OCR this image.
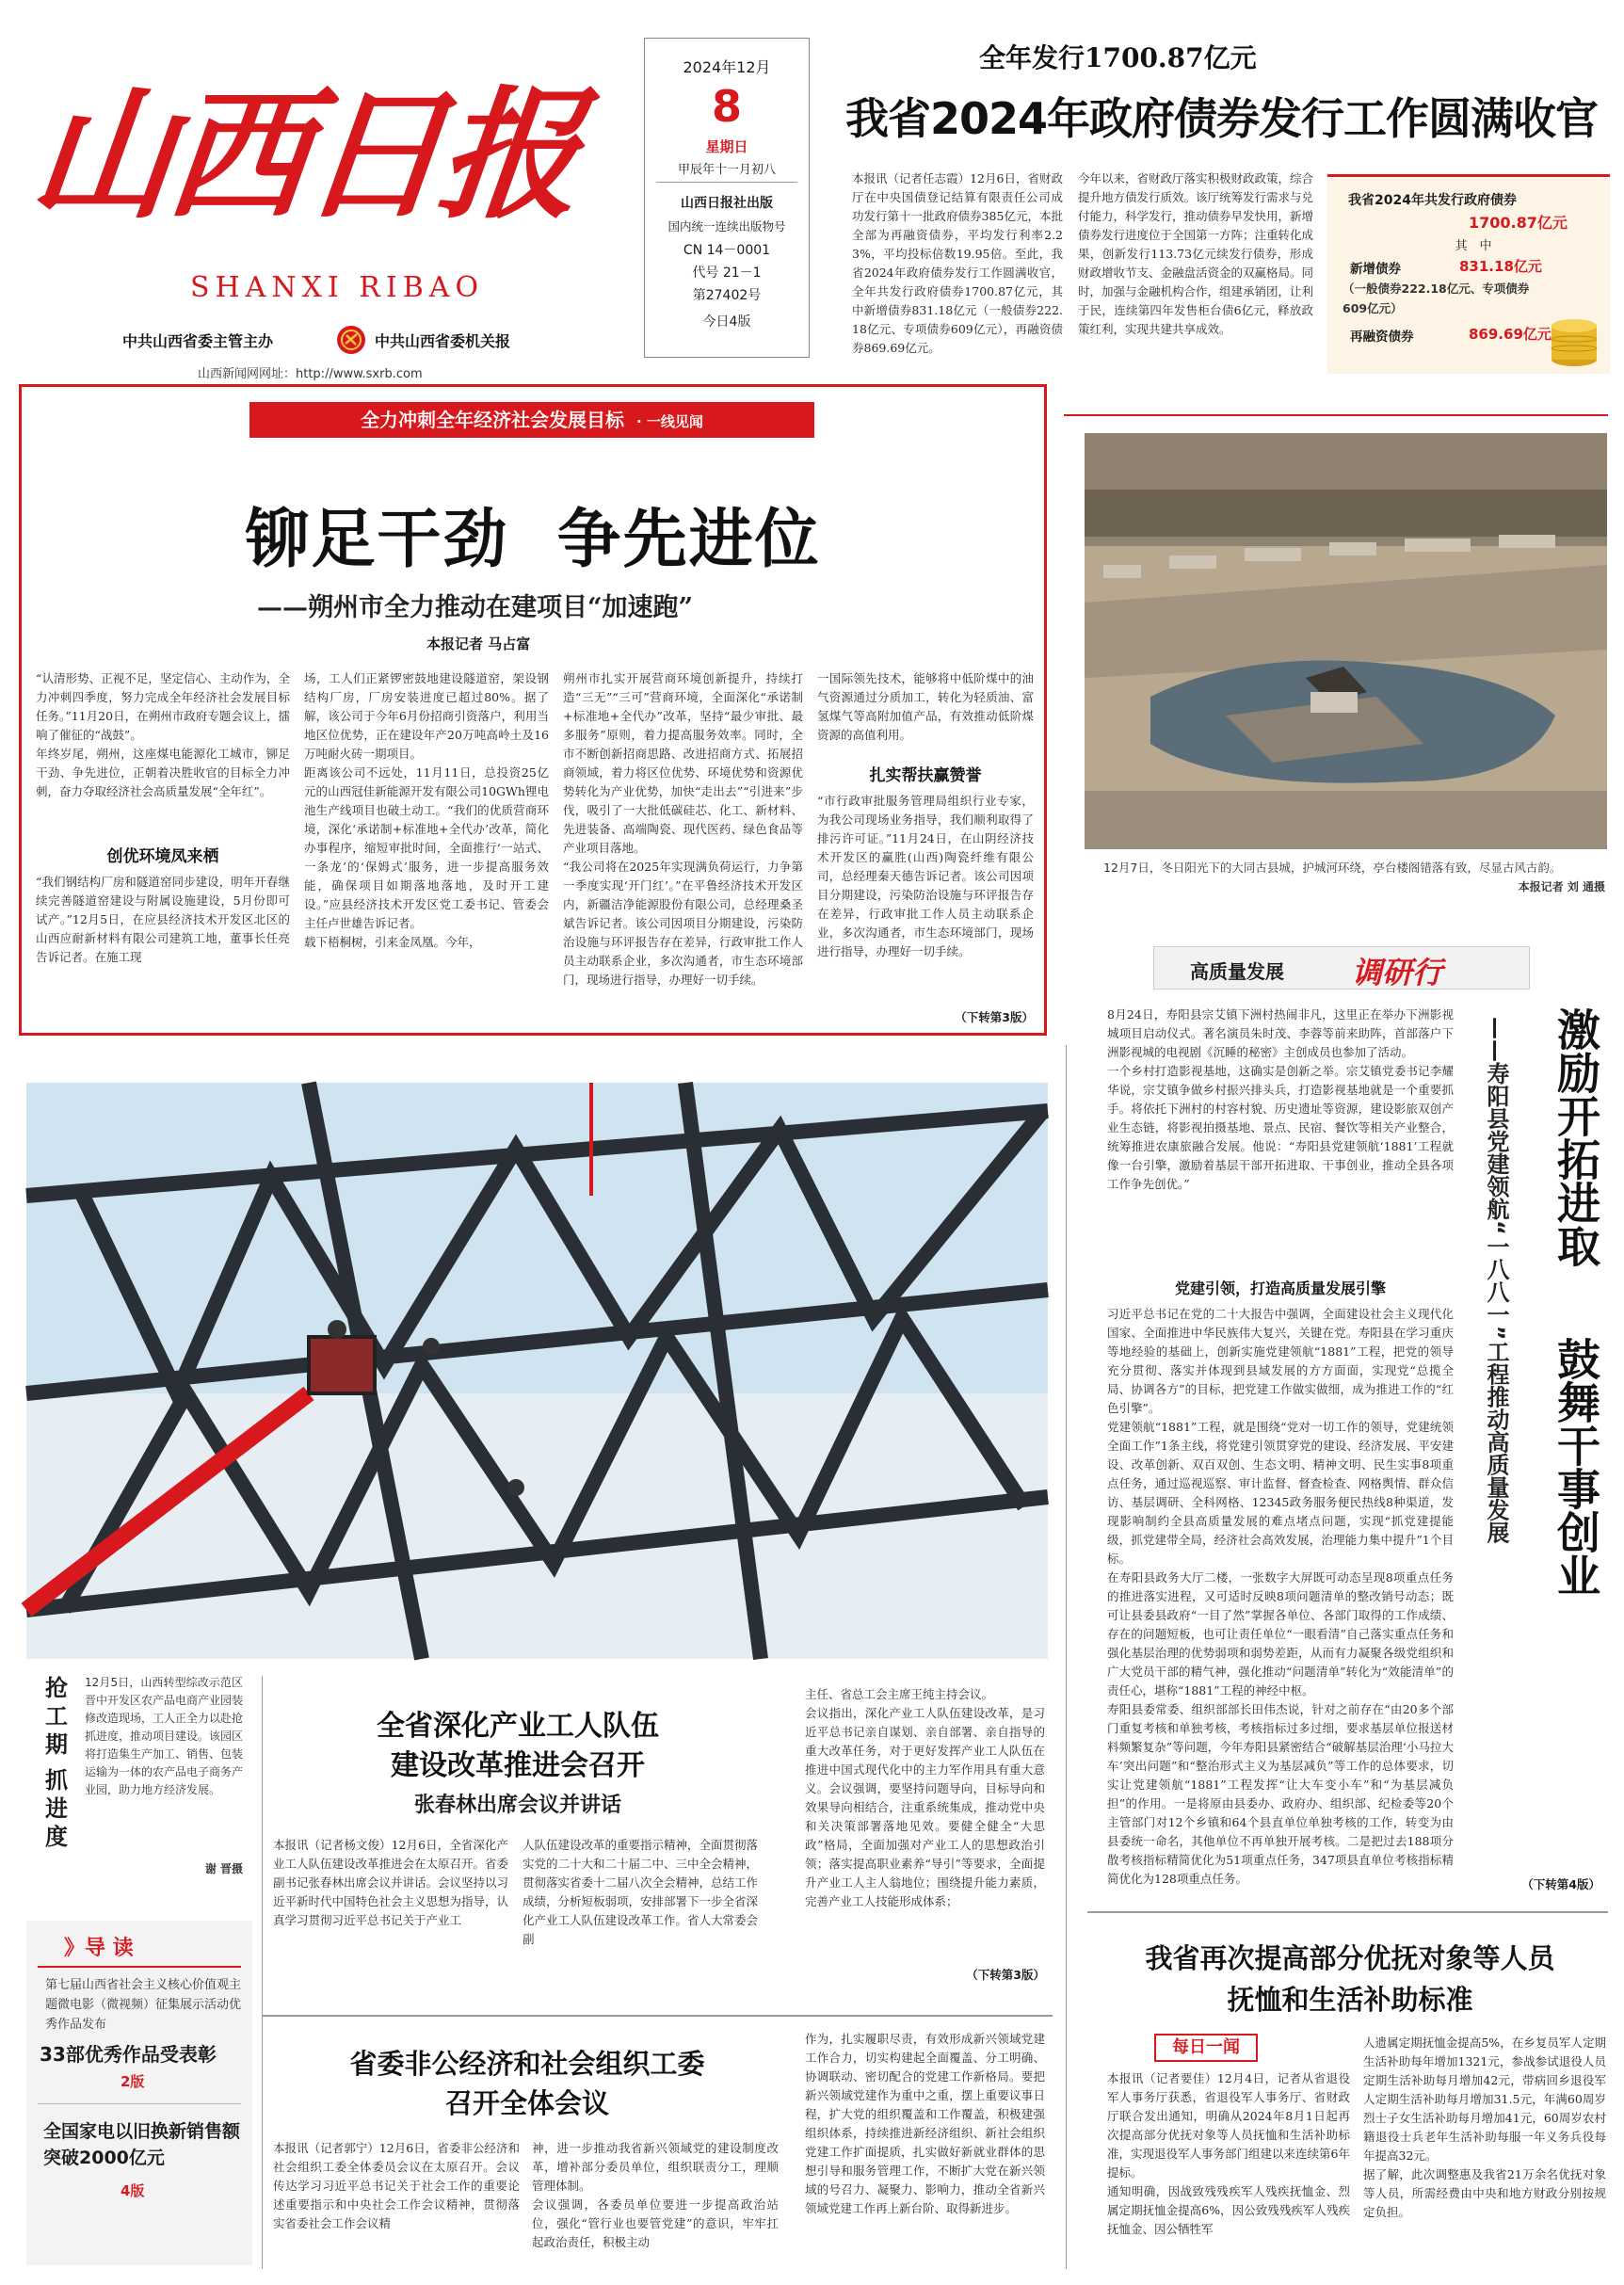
山西日报
SHANXI RIBAO
中共山西省委主管主办	中共山西省委机关报
山西新闻网网址：http://www.sxrb.com
2024年12月
8
星期日
甲辰年十一月初八
山西日报社出版
国内统一连续出版物号
CN 14－0001
代号 21－1
第27402号
今日4版
全年发行1700.87亿元
我省2024年政府债券发行工作圆满收官
本报讯（记者任志霞）12月6日，省财政厅在中央国债登记结算有限责任公司成功发行第十一批政府债券385亿元，本批全部为再融资债券，平均发行利率2.23%，平均投标倍数19.95倍。至此，我省2024年政府债券发行工作圆满收官，全年共发行政府债券1700.87亿元，其中新增债券831.18亿元（一般债券222.18亿元、专项债券609亿元），再融资债券869.69亿元。
今年以来，省财政厅落实积极财政政策，综合提升地方债发行质效。该厅统筹发行需求与兑付能力，科学发行，推动债券早发快用，新增债券发行进度位于全国第一方阵；注重转化成果，创新发行113.73亿元续发行债券，形成财政增收节支、金融盘活资金的双赢格局。同时，加强与金融机构合作，组建承销团，让利于民，连续第四年发售柜台债6亿元，释放政策红利，实现共建共享成效。
我省2024年共发行政府债券
1700.87亿元
其　中
新增债券	831.18亿元
（一般债券222.18亿元、专项债券609亿元）
再融资债券	869.69亿元
全力冲刺全年经济社会发展目标 · 一线见闻
铆足干劲  争先进位
——朔州市全力推动在建项目“加速跑”
本报记者 马占富
“认清形势、正视不足，坚定信心、主动作为，全力冲刺四季度，努力完成全年经济社会发展目标任务。”11月20日，在朔州市政府专题会议上，擂响了催征的“战鼓”。
年终岁尾，朔州，这座煤电能源化工城市，铆足干劲、争先进位，正朝着决胜收官的目标全力冲刺，奋力夺取经济社会高质量发展“全年红”。
创优环境凤来栖
“我们钢结构厂房和隧道窑同步建设，明年开春继续完善隧道窑建设与附属设施建设，5月份即可试产。”12月5日，在应县经济技术开发区北区的山西应耐新材料有限公司建筑工地，董事长任亮告诉记者。在施工现
场，工人们正紧锣密鼓地建设隧道窑，架设钢结构厂房，厂房安装进度已超过80%。据了解，该公司于今年6月份招商引资落户，利用当地区位优势，正在建设年产20万吨高岭土及16万吨耐火砖一期项目。
距离该公司不远处，11月11日，总投资25亿元的山西冠佳新能源开发有限公司10GWh锂电池生产线项目也破土动工。“我们的优质营商环境，深化‘承诺制+标准地+全代办’改革，简化办事程序，缩短审批时间，全面推行‘一站式、一条龙’的‘保姆式’服务，进一步提高服务效能，确保项目如期落地落地，及时开工建设。”应县经济技术开发区党工委书记、管委会主任卢世雄告诉记者。
载下梧桐树，引来金凤凰。今年，
朔州市扎实开展营商环境创新提升，持续打造“三无”“三可”营商环境，全面深化“承诺制+标准地+全代办”改革，坚持“最少审批、最多服务”原则，着力提高服务效率。同时，全市不断创新招商思路、改进招商方式、拓展招商领域，着力将区位优势、环境优势和资源优势转化为产业优势，加快“走出去”“引进来”步伐，吸引了一大批低碳硅芯、化工、新材料、先进装备、高端陶瓷、现代医药、绿色食品等产业项目落地。
“我公司将在2025年实现满负荷运行，力争第一季度实现‘开门红’。”在平鲁经济技术开发区内，新疆洁净能源股份有限公司，总经理桑圣斌告诉记者。该公司因项目分期建设，污染防治设施与环评报告存在差异，行政审批工作人员主动联系企业，多次沟通者，市生态环境部门，现场进行指导，办理好一切手续。
一国际领先技术，能够将中低阶煤中的油气资源通过分质加工，转化为轻质油、富氢煤气等高附加值产品，有效推动低阶煤资源的高值利用。
扎实帮扶赢赞誉
“市行政审批服务管理局组织行业专家，为我公司现场业务指导，我们顺利取得了排污许可证。”11月24日，在山阴经济技术开发区的赢胜(山西)陶瓷纤维有限公司，总经理秦天德告诉记者。该公司因项目分期建设，污染防治设施与环评报告存在差异，行政审批工作人员主动联系企业，多次沟通者，市生态环境部门，现场进行指导，办理好一切手续。
（下转第3版）
12月7日，冬日阳光下的大同古县城，护城河环绕，亭台楼阁错落有致，尽显古风古韵。
本报记者 刘 通摄
高质量发展	调研行
8月24日，寿阳县宗艾镇下洲村热闹非凡，这里正在举办下洲影视城项目启动仪式。著名演员朱时茂、李蓉等前来助阵，首部落户下洲影视城的电视剧《沉睡的秘密》主创成员也参加了活动。
一个乡村打造影视基地，这确实是创新之举。宗艾镇党委书记李耀华说，宗艾镇争做乡村振兴排头兵，打造影视基地就是一个重要抓手。将依托下洲村的村容村貌、历史遗址等资源，建设影旅双创产业生态链，将影视拍摄基地、景点、民宿、餐饮等相关产业整合，统筹推进农康旅融合发展。他说：“寿阳县党建领航‘1881’工程就像一台引擎，激励着基层干部开拓进取、干事创业，推动全县各项工作争先创优。”
党建引领，打造高质量发展引擎
习近平总书记在党的二十大报告中强调，全面建设社会主义现代化国家、全面推进中华民族伟大复兴，关键在党。寿阳县在学习重庆等地经验的基础上，创新实施党建领航“1881”工程，把党的领导充分贯彻、落实并体现到县域发展的方方面面，实现党“总揽全局、协调各方”的目标，把党建工作做实做细，成为推进工作的“红色引擎”。
党建领航“1881”工程，就是围绕“党对一切工作的领导，党建统领全面工作”1条主线，将党建引领贯穿党的建设、经济发展、平安建设、改革创新、双百双创、生态文明、精神文明、民生实事8项重点任务，通过巡视巡察、审计监督、督查检查、网格舆情、群众信访、基层调研、全科网格、12345政务服务便民热线8种渠道，发现影响制约全县高质量发展的难点堵点问题，实现“抓党建提能级，抓党建带全局，经济社会高效发展，治理能力集中提升”1个目标。
在寿阳县政务大厅二楼，一张数字大屏既可动态呈现8项重点任务的推进落实进程，又可适时反映8项问题清单的整改销号动态；既可让县委县政府“一目了然”掌握各单位、各部门取得的工作成绩、存在的问题短板，也可让责任单位“一眼看清”自己落实重点任务和强化基层治理的优势弱项和弱势差距，从而有力凝聚各级党组织和广大党员干部的精气神，强化推动“问题清单”转化为“效能清单”的责任心，堪称“1881”工程的神经中枢。
寿阳县委常委、组织部部长田伟杰说，针对之前存在“由20多个部门重复考核和单独考核，考核指标过多过细，要求基层单位报送材料频繁复杂”等问题，今年寿阳县紧密结合“破解基层治理‘小马拉大车’突出问题”和“整治形式主义为基层减负”等工作的总体要求，切实让党建领航“1881”工程发挥“让大车变小车”和“为基层减负担”的作用。一是将原由县委办、政府办、组织部、纪检委等20个主管部门对12个乡镇和64个县直单位单独考核的工作，转变为由县委统一命名，其他单位不再单独开展考核。二是把过去188项分散考核指标精简优化为51项重点任务，347项县直单位考核指标精简优化为128项重点任务。
激励开拓进取
鼓舞干事创业
——寿阳县党建领航“一八八一”工程推动高质量发展
（下转第4版）
抢
工
期
抓
进
度
12月5日，山西转型综改示范区晋中开发区农产品电商产业园装修改造现场，工人正全力以赴抢抓进度，推动项目建设。该园区将打造集生产加工、销售、包装运输为一体的农产品电子商务产业园，助力地方经济发展。
谢 晋摄
》导 读
第七届山西省社会主义核心价值观主题微电影（微视频）征集展示活动优秀作品发布
33部优秀作品受表彰
2版
全国家电以旧换新销售额突破2000亿元
4版
全省深化产业工人队伍
建设改革推进会召开
张春林出席会议并讲话
本报讯（记者杨文俊）12月6日，全省深化产业工人队伍建设改革推进会在太原召开。省委副书记张春林出席会议并讲话。会议坚持以习近平新时代中国特色社会主义思想为指导，认真学习贯彻习近平总书记关于产业工
人队伍建设改革的重要指示精神，全面贯彻落实党的二十大和二十届二中、三中全会精神，贯彻落实省委十二届八次全会精神，总结工作成绩，分析短板弱项，安排部署下一步全省深化产业工人队伍建设改革工作。省人大常委会副
主任、省总工会主席王纯主持会议。
会议指出，深化产业工人队伍建设改革，是习近平总书记亲自谋划、亲自部署、亲自指导的重大改革任务，对于更好发挥产业工人队伍在推进中国式现代化中的主力军作用具有重大意义。会议强调，要坚持问题导向，目标导向和效果导向相结合，注重系统集成，推动党中央和关决策部署落地见效。要健全健全“大思政”格局，全面加强对产业工人的思想政治引领；落实提高职业素养“导引”等要求，全面提升产业工人主人翁地位；围绕提升能力素质，完善产业工人技能形成体系；
（下转第3版）
省委非公经济和社会组织工委
召开全体会议
本报讯（记者郭宁）12月6日，省委非公经济和社会组织工委全体委员会议在太原召开。会议传达学习习近平总书记关于社会工作的重要论述重要指示和中央社会工作会议精神，贯彻落实省委社会工作会议精
神，进一步推动我省新兴领域党的建设制度改革，增补部分委员单位，组织联责分工，理顺管理体制。
会议强调，各委员单位要进一步提高政治站位，强化“管行业也要管党建”的意识，牢牢扛起政治责任，积极主动
作为，扎实履职尽责，有效形成新兴领域党建工作合力，切实构建起全面覆盖、分工明确、协调联动、密切配合的党建工作新格局。要把新兴领域党建作为重中之重，摆上重要议事日程，扩大党的组织覆盖和工作覆盖，积极建强组织体系，持续推进新经济组织、新社会组织党建工作扩面提质，扎实做好新就业群体的思想引导和服务管理工作，不断扩大党在新兴领域的号召力、凝聚力、影响力，推动全省新兴领域党建工作再上新台阶、取得新进步。
我省再次提高部分优抚对象等人员
抚恤和生活补助标准
每日一闻
本报讯（记者要佳）12月4日，记者从省退役军人事务厅获悉，省退役军人事务厅、省财政厅联合发出通知，明确从2024年8月1日起再次提高部分优抚对象等人员抚恤和生活补助标准，实现退役军人事务部门组建以来连续第6年提标。
通知明确，因战致残残疾军人残疾抚恤金、烈属定期抚恤金提高6%，因公致残残疾军人残疾抚恤金、因公牺牲军
人遗属定期抚恤金提高5%，在乡复员军人定期生活补助每年增加1321元，参战参试退役人员定期生活补助每月增加42元，带病回乡退役军人定期生活补助每月增加31.5元，年满60周岁烈士子女生活补助每月增加41元，60周岁农村籍退役士兵老年生活补助每服一年义务兵役每年提高32元。
据了解，此次调整惠及我省21万余名优抚对象等人员，所需经费由中央和地方财政分别按规定负担。
